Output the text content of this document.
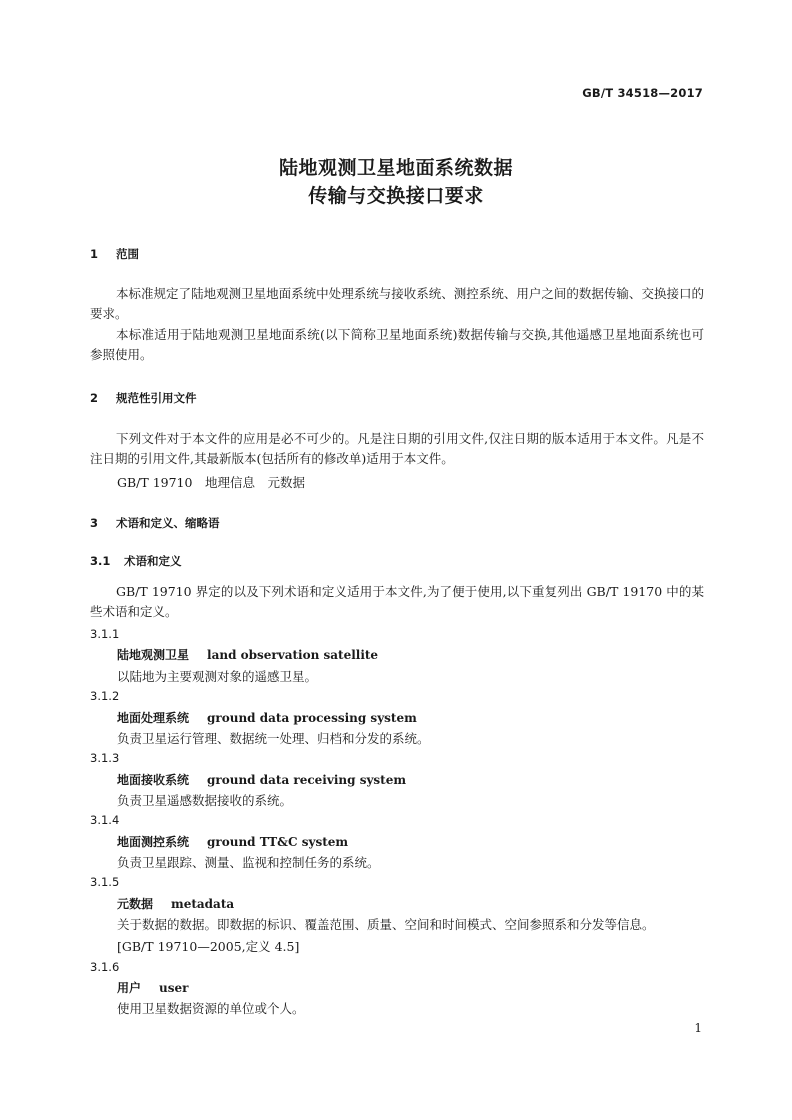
GB/T 34518—2017
陆地观测卫星地面系统数据
传输与交换接口要求
1 范围
本标准规定了陆地观测卫星地面系统中处理系统与接收系统、测控系统、用户之间的数据传输、交换接口的要求。
本标准适用于陆地观测卫星地面系统(以下简称卫星地面系统)数据传输与交换,其他遥感卫星地面系统也可参照使用。
2 规范性引用文件
下列文件对于本文件的应用是必不可少的。凡是注日期的引用文件,仅注日期的版本适用于本文件。凡是不注日期的引用文件,其最新版本(包括所有的修改单)适用于本文件。
GB/T 19710　地理信息　元数据
3 术语和定义、缩略语
3.1 术语和定义
GB/T 19710 界定的以及下列术语和定义适用于本文件,为了便于使用,以下重复列出 GB/T 19170 中的某些术语和定义。
3.1.1
陆地观测卫星 land observation satellite
以陆地为主要观测对象的遥感卫星。
3.1.2
地面处理系统 ground data processing system
负责卫星运行管理、数据统一处理、归档和分发的系统。
3.1.3
地面接收系统 ground data receiving system
负责卫星遥感数据接收的系统。
3.1.4
地面测控系统 ground TT&C system
负责卫星跟踪、测量、监视和控制任务的系统。
3.1.5
元数据 metadata
关于数据的数据。即数据的标识、覆盖范围、质量、空间和时间模式、空间参照系和分发等信息。
[GB/T 19710—2005,定义 4.5]
3.1.6
用户 user
使用卫星数据资源的单位或个人。
1
